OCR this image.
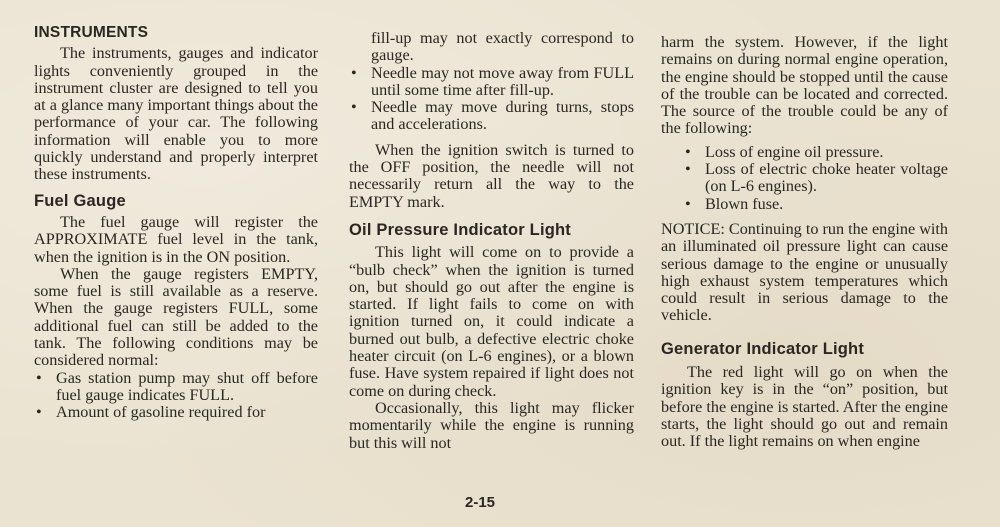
INSTRUMENTS

The instruments, gauges and indicator lights conveniently grouped in the instrument cluster are designed to tell you at a glance many important things about the performance of your car. The following information will enable you to more quickly understand and properly interpret these instruments.

Fuel Gauge

The fuel gauge will register the APPROXIMATE fuel level in the tank, when the ignition is in the ON position.

When the gauge registers EMPTY, some fuel is still available as a reserve. When the gauge registers FULL, some additional fuel can still be added to the tank. The following conditions may be considered normal:

• Gas station pump may shut off before fuel gauge indicates FULL.
• Amount of gasoline required for

fill-up may not exactly correspond to gauge.

• Needle may not move away from FULL until some time after fill-up.
• Needle may move during turns, stops and accelerations.

When the ignition switch is turned to the OFF position, the needle will not necessarily return all the way to the EMPTY mark.

Oil Pressure Indicator Light

This light will come on to provide a “bulb check” when the ignition is turned on, but should go out after the engine is started. If light fails to come on with ignition turned on, it could indicate a burned out bulb, a defective electric choke heater circuit (on L-6 engines), or a blown fuse. Have system repaired if light does not come on during check.

Occasionally, this light may flicker momentarily while the engine is running but this will not

harm the system. However, if the light remains on during normal engine operation, the engine should be stopped until the cause of the trouble can be located and corrected. The source of the trouble could be any of the following:

• Loss of engine oil pressure.
• Loss of electric choke heater voltage (on L-6 engines).
• Blown fuse.

NOTICE: Continuing to run the engine with an illuminated oil pressure light can cause serious damage to the engine or unusually high exhaust system temperatures which could result in serious damage to the vehicle.

Generator Indicator Light

The red light will go on when the ignition key is in the “on” position, but before the engine is started. After the engine starts, the light should go out and remain out. If the light remains on when engine

2-15
